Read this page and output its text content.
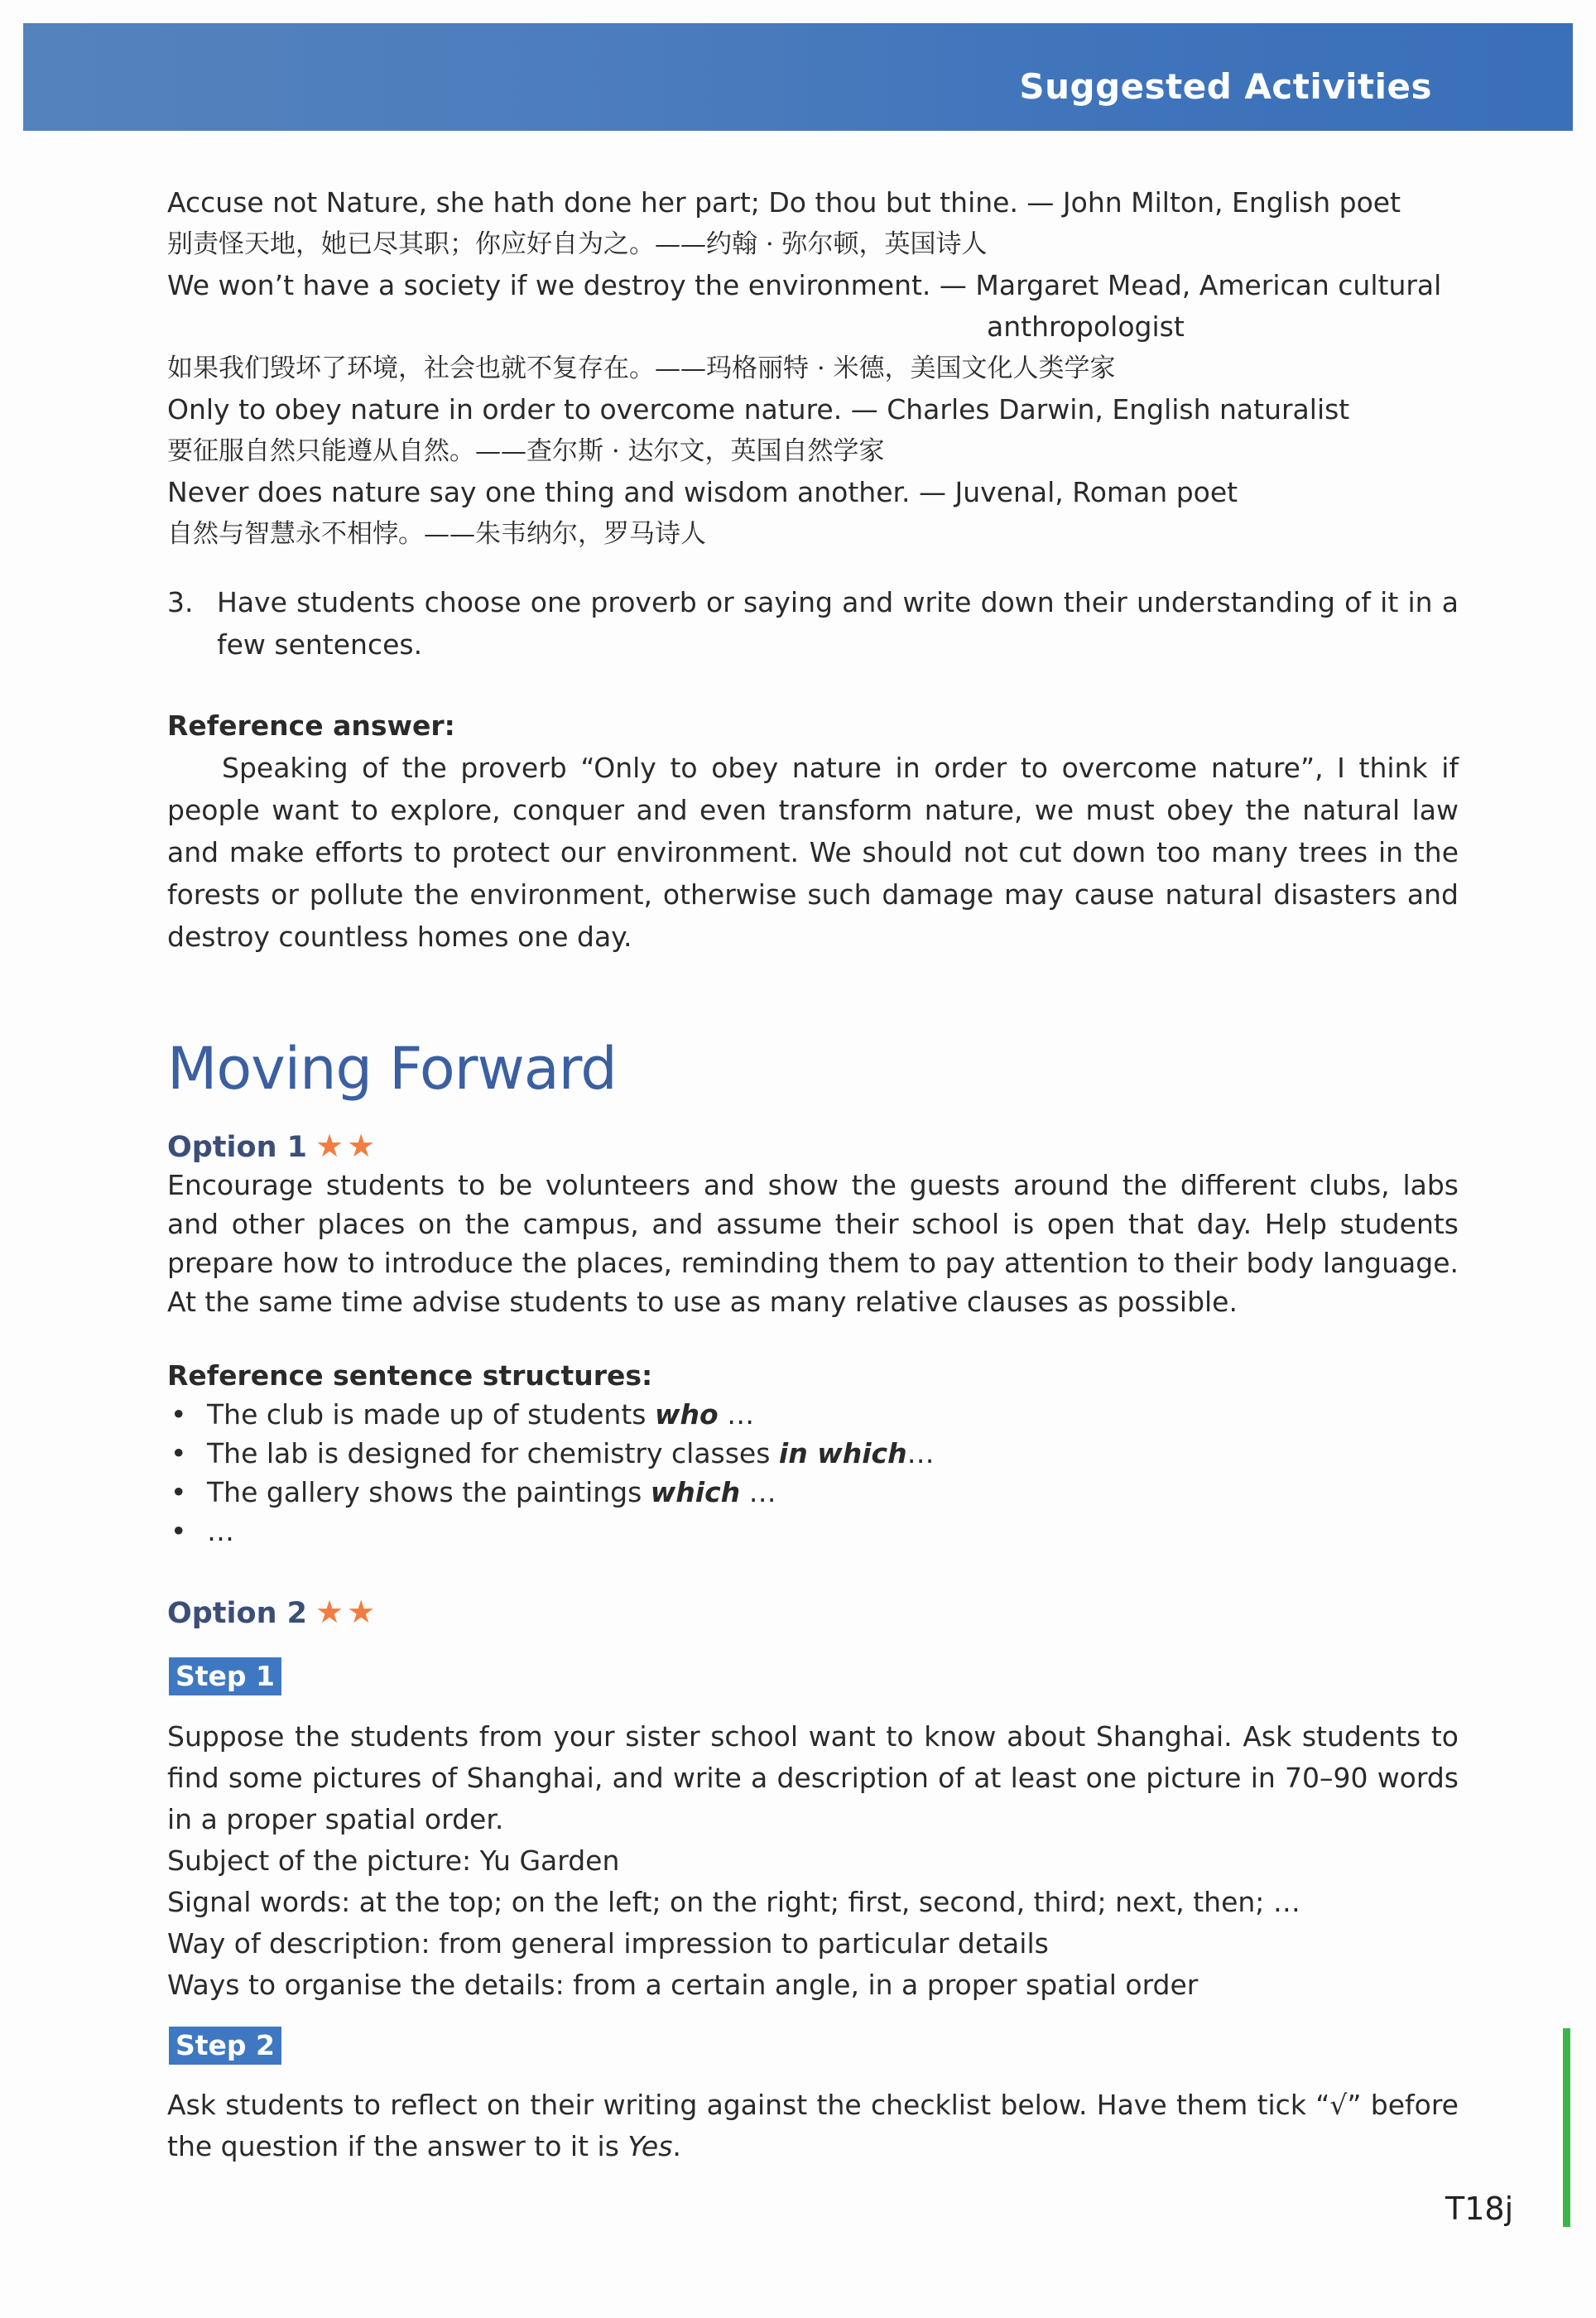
Suggested Activities
Accuse not Nature, she hath done her part; Do thou but thine. — John Milton, English poet
别责怪天地，她已尽其职；你应好自为之。——约翰 · 弥尔顿，英国诗人
We won’t have a society if we destroy the environment. — Margaret Mead, American cultural
anthropologist
如果我们毁坏了环境，社会也就不复存在。——玛格丽特 · 米德，美国文化人类学家
Only to obey nature in order to overcome nature. — Charles Darwin, English naturalist
要征服自然只能遵从自然。——查尔斯 · 达尔文，英国自然学家
Never does nature say one thing and wisdom another. — Juvenal, Roman poet
自然与智慧永不相悖。——朱韦纳尔，罗马诗人
3. Have students choose one proverb or saying and write down their understanding of it in a few sentences.
Reference answer:
Speaking of the proverb “Only to obey nature in order to overcome nature”, I think if people want to explore, conquer and even transform nature, we must obey the natural law and make efforts to protect our environment. We should not cut down too many trees in the forests or pollute the environment, otherwise such damage may cause natural disasters and destroy countless homes one day.
Moving Forward
Option 1 ★★
Encourage students to be volunteers and show the guests around the different clubs, labs and other places on the campus, and assume their school is open that day. Help students prepare how to introduce the places, reminding them to pay attention to their body language. At the same time advise students to use as many relative clauses as possible.
Reference sentence structures:
• The club is made up of students who …
• The lab is designed for chemistry classes in which…
• The gallery shows the paintings which …
• …
Option 2 ★★
Step 1
Suppose the students from your sister school want to know about Shanghai. Ask students to find some pictures of Shanghai, and write a description of at least one picture in 70–90 words in a proper spatial order.
Subject of the picture: Yu Garden
Signal words: at the top; on the left; on the right; first, second, third; next, then; …
Way of description: from general impression to particular details
Ways to organise the details: from a certain angle, in a proper spatial order
Step 2
Ask students to reflect on their writing against the checklist below. Have them tick “√” before the question if the answer to it is Yes.
T18j
